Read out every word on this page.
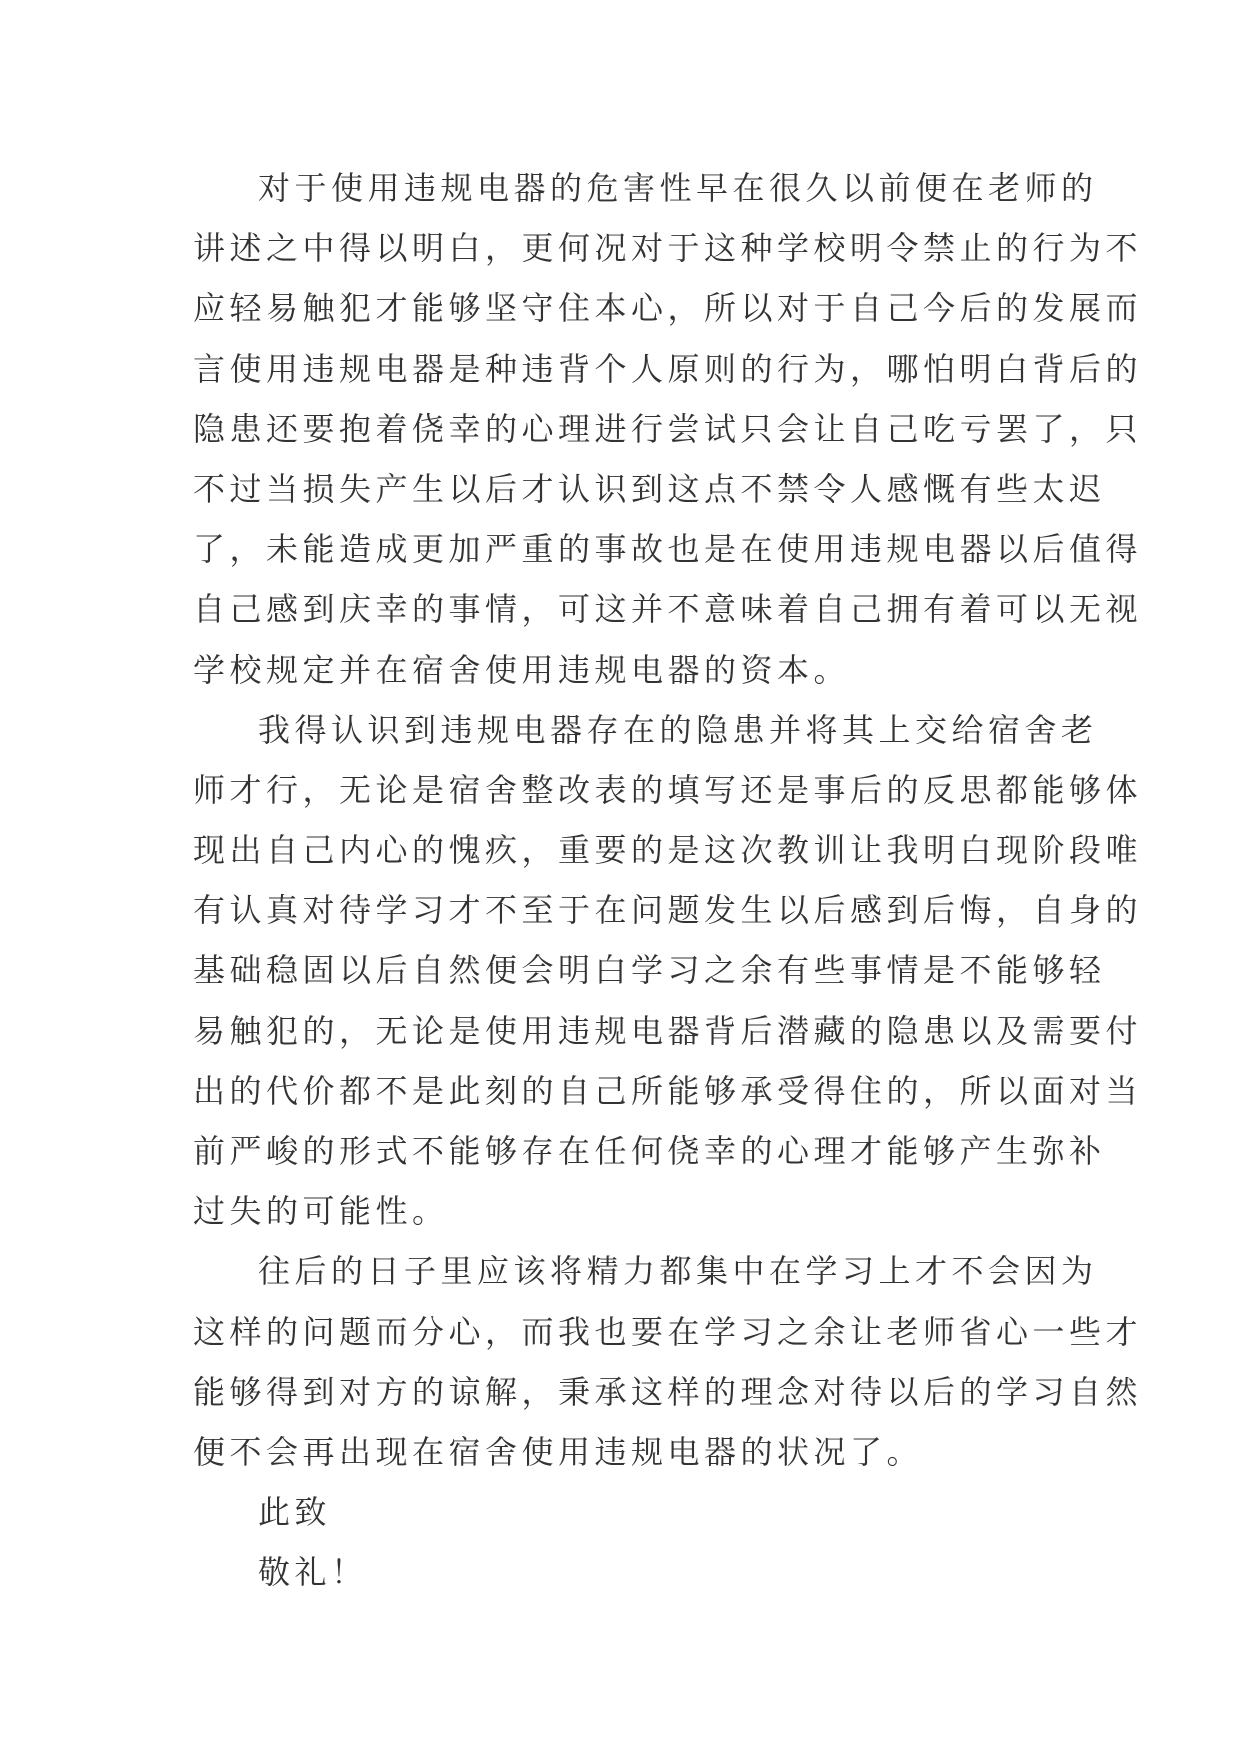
对于使用违规电器的危害性早在很久以前便在老师的
讲述之中得以明白，更何况对于这种学校明令禁止的行为不
应轻易触犯才能够坚守住本心，所以对于自己今后的发展而
言使用违规电器是种违背个人原则的行为，哪怕明白背后的
隐患还要抱着侥幸的心理进行尝试只会让自己吃亏罢了，只
不过当损失产生以后才认识到这点不禁令人感慨有些太迟
了，未能造成更加严重的事故也是在使用违规电器以后值得
自己感到庆幸的事情，可这并不意味着自己拥有着可以无视
学校规定并在宿舍使用违规电器的资本。
我得认识到违规电器存在的隐患并将其上交给宿舍老
师才行，无论是宿舍整改表的填写还是事后的反思都能够体
现出自己内心的愧疚，重要的是这次教训让我明白现阶段唯
有认真对待学习才不至于在问题发生以后感到后悔，自身的
基础稳固以后自然便会明白学习之余有些事情是不能够轻
易触犯的，无论是使用违规电器背后潜藏的隐患以及需要付
出的代价都不是此刻的自己所能够承受得住的，所以面对当
前严峻的形式不能够存在任何侥幸的心理才能够产生弥补
过失的可能性。
往后的日子里应该将精力都集中在学习上才不会因为
这样的问题而分心，而我也要在学习之余让老师省心一些才
能够得到对方的谅解，秉承这样的理念对待以后的学习自然
便不会再出现在宿舍使用违规电器的状况了。
此致
敬礼！
